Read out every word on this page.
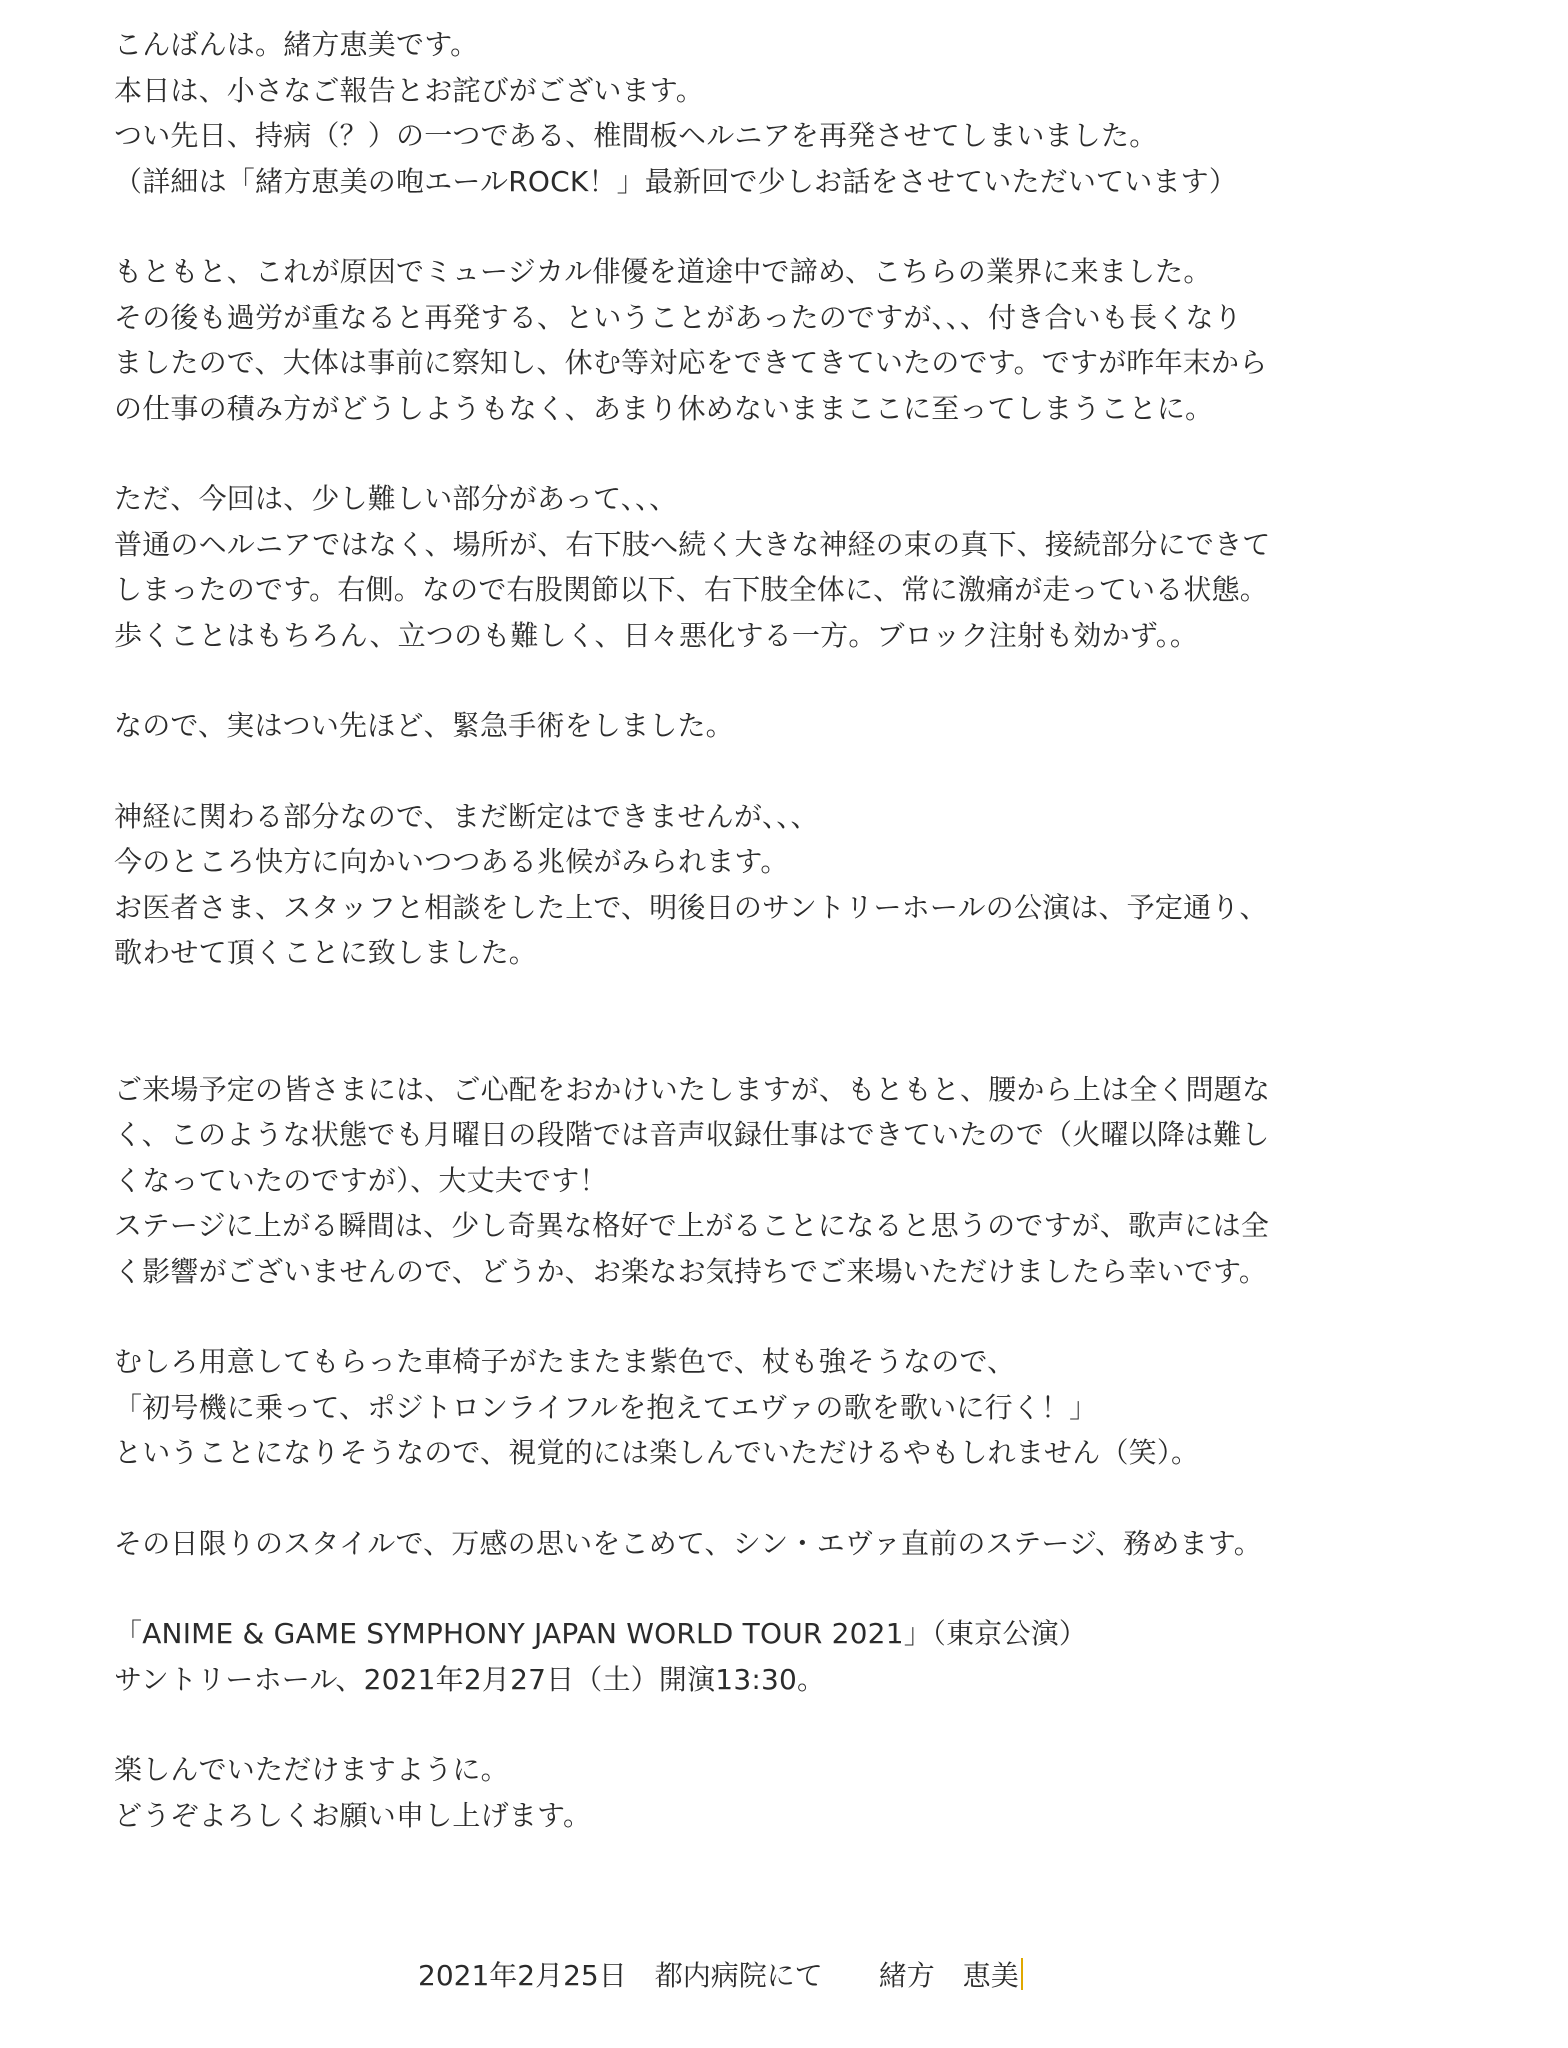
こんばんは。緒方恵美です。
本日は、小さなご報告とお詫びがございます。
つい先日、持病（？）の一つである、椎間板ヘルニアを再発させてしまいました。
（詳細は「緒方恵美の咆エールROCK！」最新回で少しお話をさせていただいています）
もともと、これが原因でミュージカル俳優を道途中で諦め、こちらの業界に来ました。
その後も過労が重なると再発する、ということがあったのですが、、、付き合いも長くなり
ましたので、大体は事前に察知し、休む等対応をできてきていたのです。ですが昨年末から
の仕事の積み方がどうしようもなく、あまり休めないままここに至ってしまうことに。
ただ、今回は、少し難しい部分があって、、、
普通のヘルニアではなく、場所が、右下肢へ続く大きな神経の束の真下、接続部分にできて
しまったのです。右側。なので右股関節以下、右下肢全体に、常に激痛が走っている状態。
歩くことはもちろん、立つのも難しく、日々悪化する一方。ブロック注射も効かず。。
なので、実はつい先ほど、緊急手術をしました。
神経に関わる部分なので、まだ断定はできませんが、、、
今のところ快方に向かいつつある兆候がみられます。
お医者さま、スタッフと相談をした上で、明後日のサントリーホールの公演は、予定通り、
歌わせて頂くことに致しました。
ご来場予定の皆さまには、ご心配をおかけいたしますが、もともと、腰から上は全く問題な
く、このような状態でも月曜日の段階では音声収録仕事はできていたので（火曜以降は難し
くなっていたのですが）、大丈夫です！
ステージに上がる瞬間は、少し奇異な格好で上がることになると思うのですが、歌声には全
く影響がございませんので、どうか、お楽なお気持ちでご来場いただけましたら幸いです。
むしろ用意してもらった車椅子がたまたま紫色で、杖も強そうなので、
「初号機に乗って、ポジトロンライフルを抱えてエヴァの歌を歌いに行く！」
ということになりそうなので、視覚的には楽しんでいただけるやもしれません（笑）。
その日限りのスタイルで、万感の思いをこめて、シン・エヴァ直前のステージ、務めます。
「ANIME & GAME SYMPHONY JAPAN WORLD TOUR 2021」（東京公演）
サントリーホール、2021年2月27日（土）開演13:30。
楽しんでいただけますように。
どうぞよろしくお願い申し上げます。
2021年2月25日　都内病院にて　　緒方　恵美
